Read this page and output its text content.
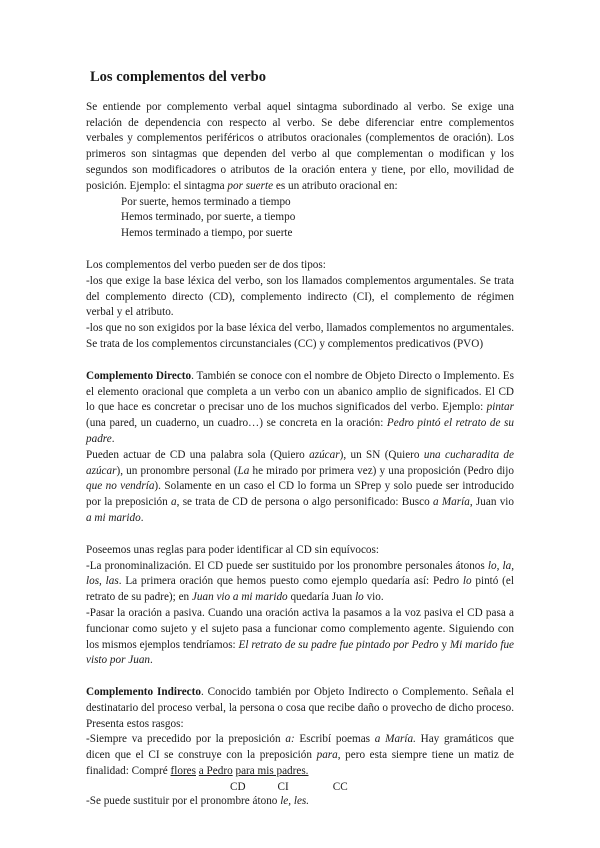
Los complementos del verbo

Se entiende por complemento verbal aquel sintagma subordinado al verbo. Se exige una relación de dependencia con respecto al verbo. Se debe diferenciar entre complementos verbales y complementos periféricos o atributos oracionales (complementos de oración). Los primeros son sintagmas que dependen del verbo al que complementan o modifican y los segundos son modificadores o atributos de la oración entera y tiene, por ello, movilidad de posición. Ejemplo: el sintagma por suerte es un atributo oracional en:

Por suerte, hemos terminado a tiempo

Hemos terminado, por suerte, a tiempo

Hemos terminado a tiempo, por suerte

Los complementos del verbo pueden ser de dos tipos:

-los que exige la base léxica del verbo, son los llamados complementos argumentales. Se trata del complemento directo (CD), complemento indirecto (CI), el complemento de régimen verbal y el atributo.

-los que no son exigidos por la base léxica del verbo, llamados complementos no argumentales. Se trata de los complementos circunstanciales (CC) y complementos predicativos (PVO)

Complemento Directo. También se conoce con el nombre de Objeto Directo o Implemento. Es el elemento oracional que completa a un verbo con un abanico amplio de significados. El CD lo que hace es concretar o precisar uno de los muchos significados del verbo. Ejemplo: pintar (una pared, un cuaderno, un cuadro…) se concreta en la oración: Pedro pintó el retrato de su padre.

Pueden actuar de CD una palabra sola (Quiero azúcar), un SN (Quiero una cucharadita de azúcar), un pronombre personal (La he mirado por primera vez) y una proposición (Pedro dijo que no vendría). Solamente en un caso el CD lo forma un SPrep y solo puede ser introducido por la preposición a, se trata de CD de persona o algo personificado: Busco a María, Juan vio a mi marido.

Poseemos unas reglas para poder identificar al CD sin equívocos:

-La pronominalización. El CD puede ser sustituido por los pronombre personales átonos lo, la, los, las. La primera oración que hemos puesto como ejemplo quedaría así: Pedro lo pintó (el retrato de su padre); en Juan vio a mi marido quedaría Juan lo vio.

-Pasar la oración a pasiva. Cuando una oración activa la pasamos a la voz pasiva el CD pasa a funcionar como sujeto y el sujeto pasa a funcionar como complemento agente. Siguiendo con los mismos ejemplos tendríamos: El retrato de su padre fue pintado por Pedro y Mi marido fue visto por Juan.

Complemento Indirecto. Conocido también por Objeto Indirecto o Complemento. Señala el destinatario del proceso verbal, la persona o cosa que recibe daño o provecho de dicho proceso. Presenta estos rasgos:

-Siempre va precedido por la preposición a: Escribí poemas a María. Hay gramáticos que dicen que el CI se construye con la preposición para, pero esta siempre tiene un matiz de finalidad: Compré flores a Pedro para mis padres.

CD	CI	CC

-Se puede sustituir por el pronombre átono le, les.
